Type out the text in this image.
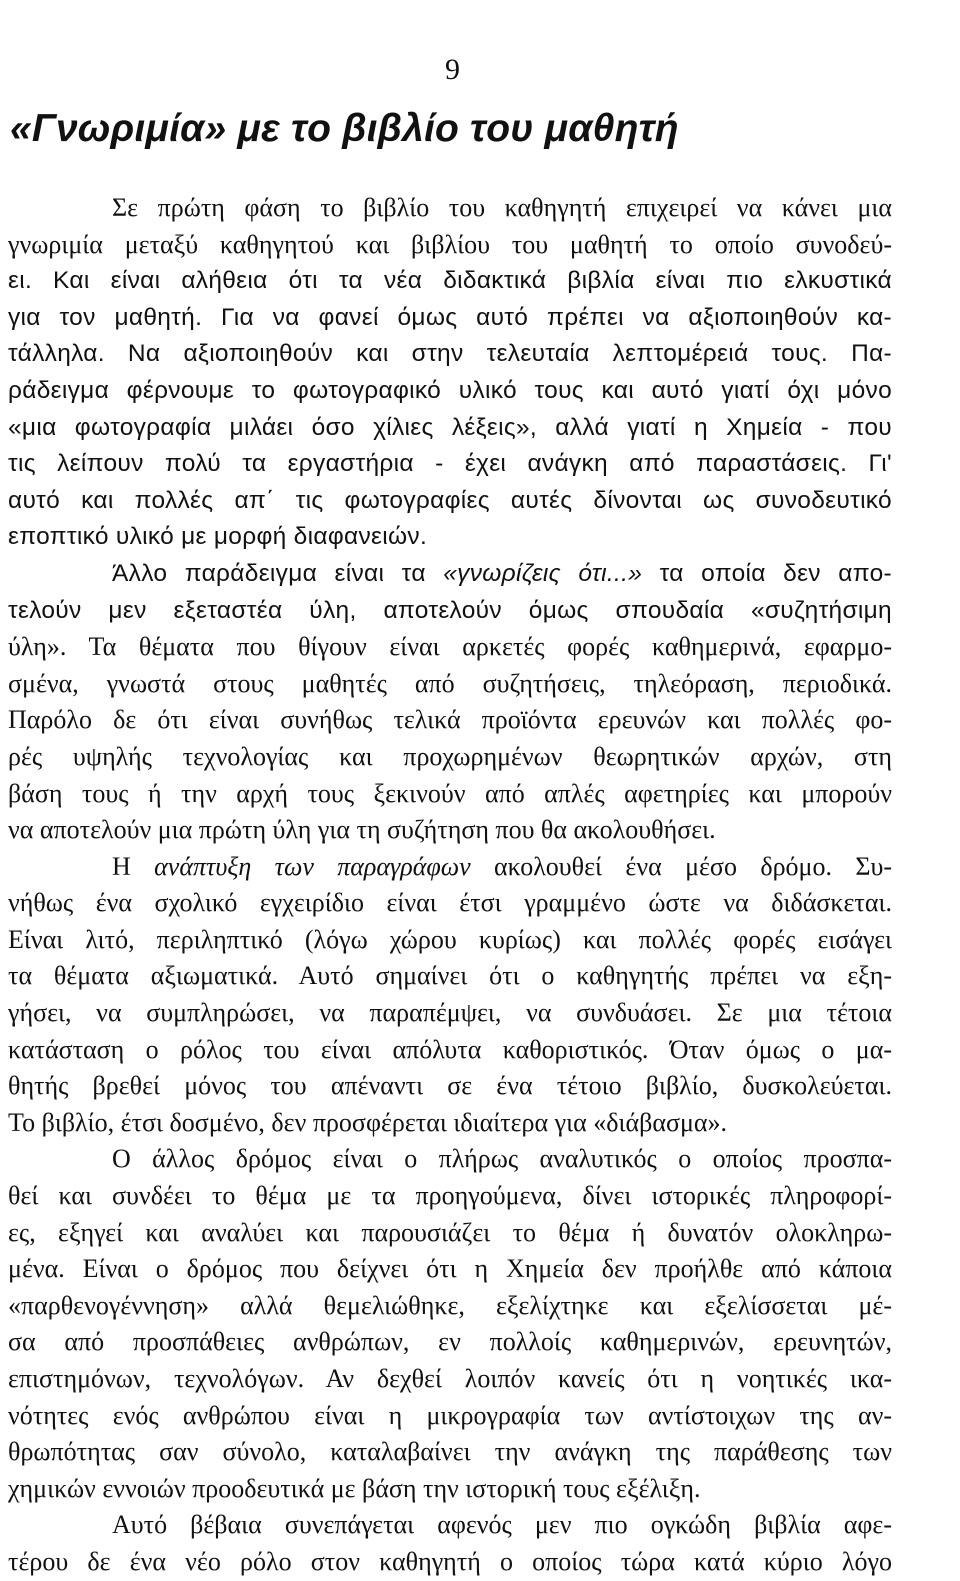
9
«Γνωριμία» με το βιβλίο του μαθητή
Σε πρώτη φάση το βιβλίο του καθηγητή επιχειρεί να κάνει μια
γνωριμία μεταξύ καθηγητού και βιβλίου του μαθητή το οποίο συνοδεύ-
ει. Και είναι αλήθεια ότι τα νέα διδακτικά βιβλία είναι πιο ελκυστικά
για τον μαθητή. Για να φανεί όμως αυτό πρέπει να αξιοποιηθούν κα-
τάλληλα. Να αξιοποιηθούν και στην τελευταία λεπτομέρειά τους. Πα-
ράδειγμα φέρνουμε το φωτογραφικό υλικό τους και αυτό γιατί όχι μόνο
«μια φωτογραφία μιλάει όσο χίλιες λέξεις», αλλά γιατί η Χημεία - που
τις λείπουν πολύ τα εργαστήρια - έχει ανάγκη από παραστάσεις. Γι'
αυτό και πολλές απ΄ τις φωτογραφίες αυτές δίνονται ως συνοδευτικό
εποπτικό υλικό με μορφή διαφανειών.
Άλλο παράδειγμα είναι τα «γνωρίζεις ότι...» τα οποία δεν απο-
τελούν μεν εξεταστέα ύλη, αποτελούν όμως σπουδαία «συζητήσιμη
ύλη». Τα θέματα που θίγουν είναι αρκετές φορές καθημερινά, εφαρμο-
σμένα, γνωστά στους μαθητές από συζητήσεις, τηλεόραση, περιοδικά.
Παρόλο δε ότι είναι συνήθως τελικά προϊόντα ερευνών και πολλές φο-
ρές υψηλής τεχνολογίας και προχωρημένων θεωρητικών αρχών, στη
βάση τους ή την αρχή τους ξεκινούν από απλές αφετηρίες και μπορούν
να αποτελούν μια πρώτη ύλη για τη συζήτηση που θα ακολουθήσει.
Η ανάπτυξη των παραγράφων ακολουθεί ένα μέσο δρόμο. Συ-
νήθως ένα σχολικό εγχειρίδιο είναι έτσι γραμμένο ώστε να διδάσκεται.
Είναι λιτό, περιληπτικό (λόγω χώρου κυρίως) και πολλές φορές εισάγει
τα θέματα αξιωματικά. Αυτό σημαίνει ότι ο καθηγητής πρέπει να εξη-
γήσει, να συμπληρώσει, να παραπέμψει, να συνδυάσει. Σε μια τέτοια
κατάσταση ο ρόλος του είναι απόλυτα καθοριστικός. Όταν όμως ο μα-
θητής βρεθεί μόνος του απέναντι σε ένα τέτοιο βιβλίο, δυσκολεύεται.
Το βιβλίο, έτσι δοσμένο, δεν προσφέρεται ιδιαίτερα για «διάβασμα».
Ο άλλος δρόμος είναι ο πλήρως αναλυτικός ο οποίος προσπα-
θεί και συνδέει το θέμα με τα προηγούμενα, δίνει ιστορικές πληροφορί-
ες, εξηγεί και αναλύει και παρουσιάζει το θέμα ή δυνατόν ολοκληρω-
μένα. Είναι ο δρόμος που δείχνει ότι η Χημεία δεν προήλθε από κάποια
«παρθενογέννηση» αλλά θεμελιώθηκε, εξελίχτηκε και εξελίσσεται μέ-
σα από προσπάθειες ανθρώπων, εν πολλοίς καθημερινών, ερευνητών,
επιστημόνων, τεχνολόγων. Αν δεχθεί λοιπόν κανείς ότι η νοητικές ικα-
νότητες ενός ανθρώπου είναι η μικρογραφία των αντίστοιχων της αν-
θρωπότητας σαν σύνολο, καταλαβαίνει την ανάγκη της παράθεσης των
χημικών εννοιών προοδευτικά με βάση την ιστορική τους εξέλιξη.
Αυτό βέβαια συνεπάγεται αφενός μεν πιο ογκώδη βιβλία αφε-
τέρου δε ένα νέο ρόλο στον καθηγητή ο οποίος τώρα κατά κύριο λόγο
